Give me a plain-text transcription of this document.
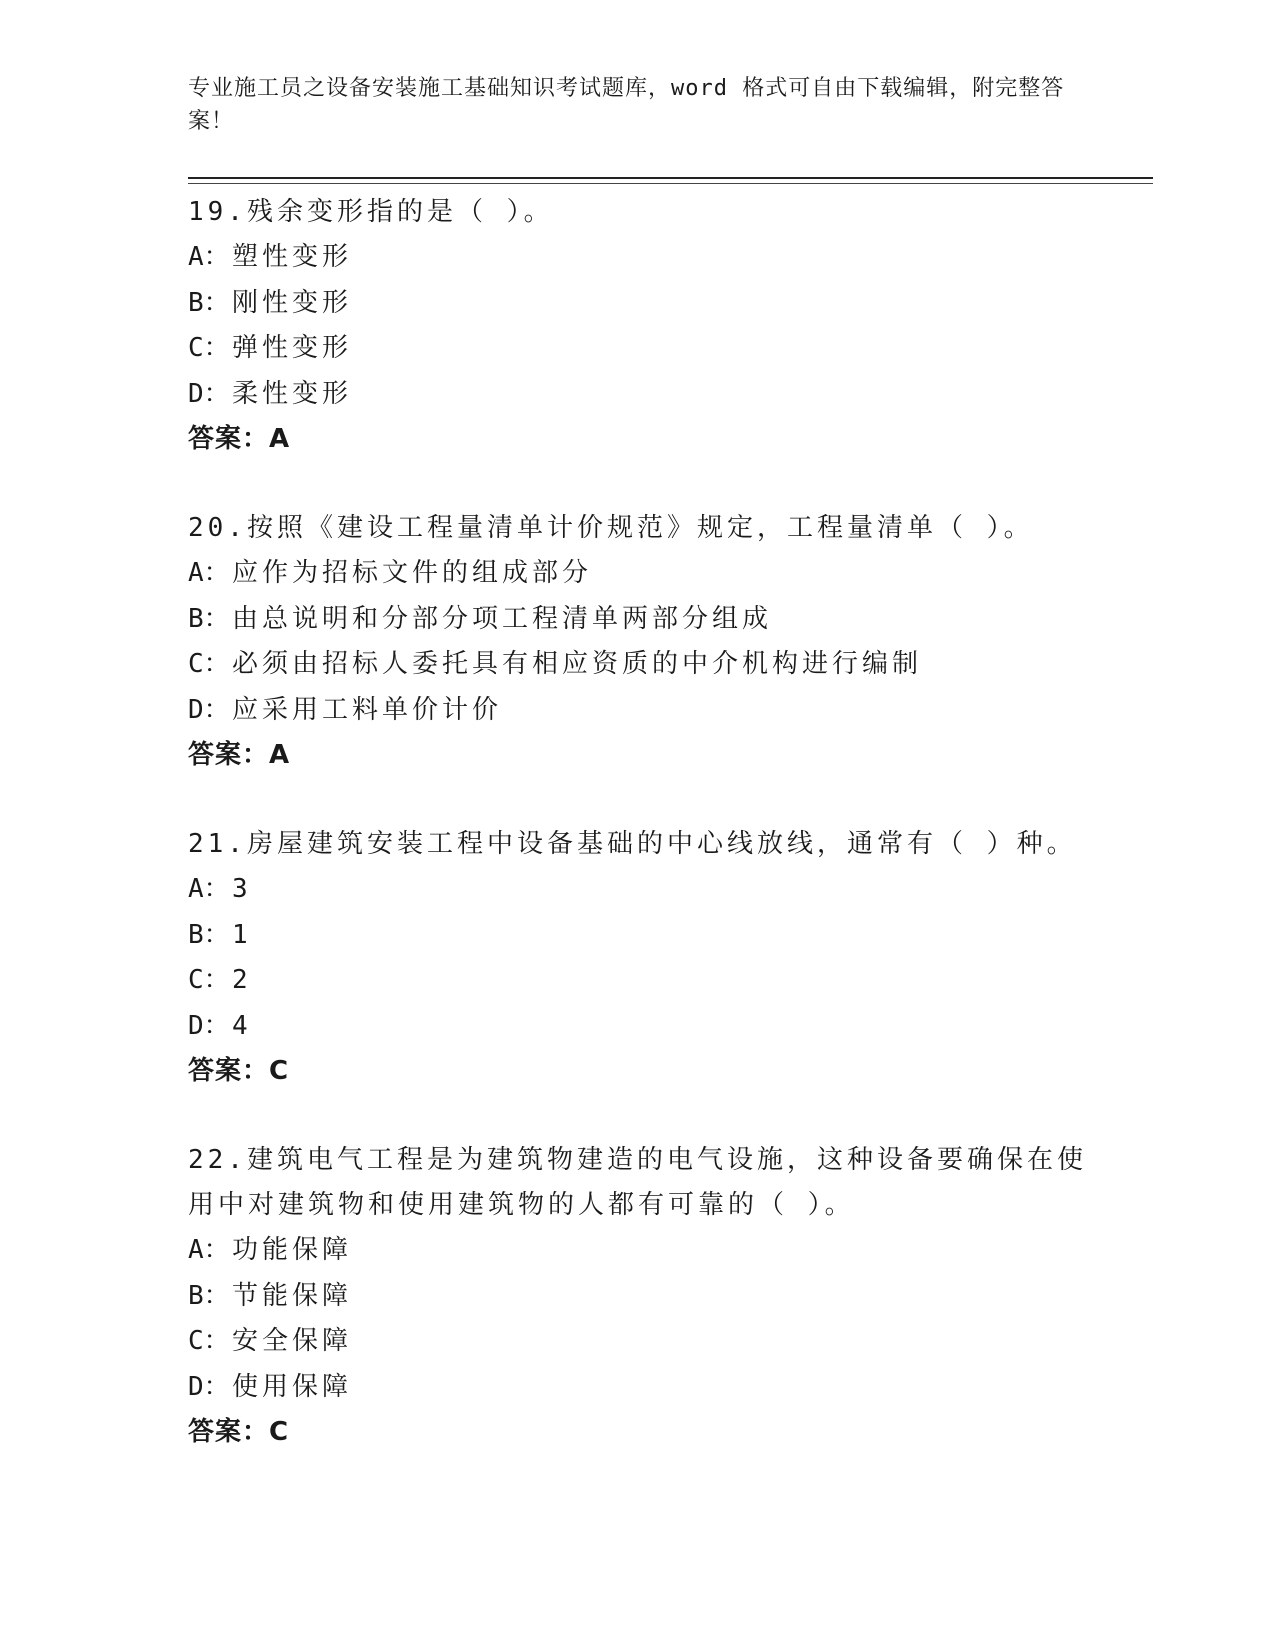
专业施工员之设备安装施工基础知识考试题库，word 格式可自由下载编辑，附完整答案！

19.残余变形指的是（ ）。

A：塑性变形

B：刚性变形

C：弹性变形

D：柔性变形

答案：A

20.按照《建设工程量清单计价规范》规定，工程量清单（ ）。

A：应作为招标文件的组成部分

B：由总说明和分部分项工程清单两部分组成

C：必须由招标人委托具有相应资质的中介机构进行编制

D：应采用工料单价计价

答案：A

21.房屋建筑安装工程中设备基础的中心线放线，通常有（ ）种。

A：3

B：1

C：2

D：4

答案：C

22.建筑电气工程是为建筑物建造的电气设施，这种设备要确保在使用中对建筑物和使用建筑物的人都有可靠的（ ）。

A：功能保障

B：节能保障

C：安全保障

D：使用保障

答案：C
